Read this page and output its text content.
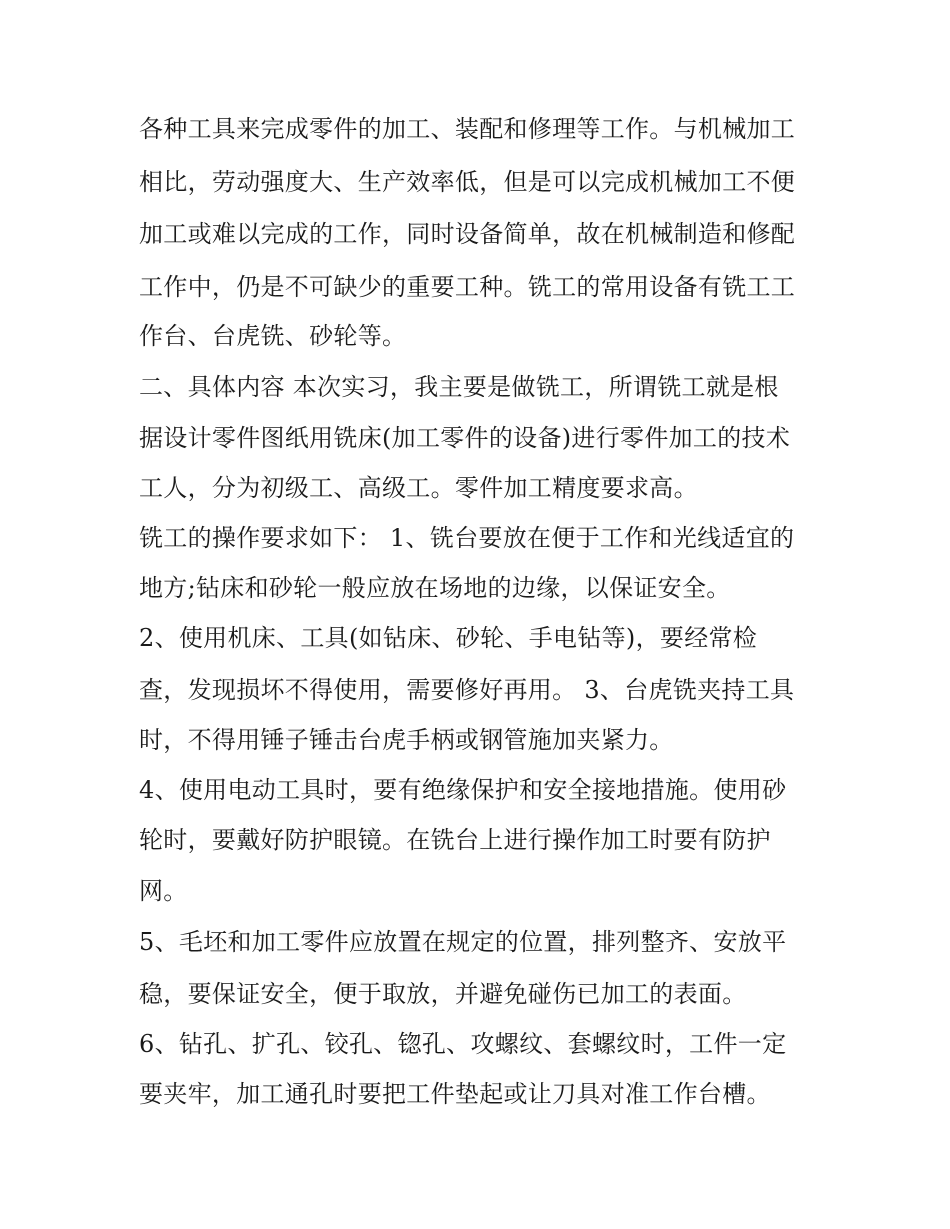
各种工具来完成零件的加工、装配和修理等工作。与机械加工
相比，劳动强度大、生产效率低，但是可以完成机械加工不便
加工或难以完成的工作，同时设备简单，故在机械制造和修配
工作中，仍是不可缺少的重要工种。铣工的常用设备有铣工工
作台、台虎铣、砂轮等。
二、具体内容 本次实习，我主要是做铣工，所谓铣工就是根
据设计零件图纸用铣床(加工零件的设备)进行零件加工的技术
工人，分为初级工、高级工。零件加工精度要求高。
铣工的操作要求如下： 1、铣台要放在便于工作和光线适宜的
地方;钻床和砂轮一般应放在场地的边缘，以保证安全。
2、使用机床、工具(如钻床、砂轮、手电钻等)，要经常检
查，发现损坏不得使用，需要修好再用。 3、台虎铣夹持工具
时，不得用锤子锤击台虎手柄或钢管施加夹紧力。
4、使用电动工具时，要有绝缘保护和安全接地措施。使用砂
轮时，要戴好防护眼镜。在铣台上进行操作加工时要有防护
网。
5、毛坯和加工零件应放置在规定的位置，排列整齐、安放平
稳，要保证安全，便于取放，并避免碰伤已加工的表面。
6、钻孔、扩孔、铰孔、锪孔、攻螺纹、套螺纹时，工件一定
要夹牢，加工通孔时要把工件垫起或让刀具对准工作台槽。
